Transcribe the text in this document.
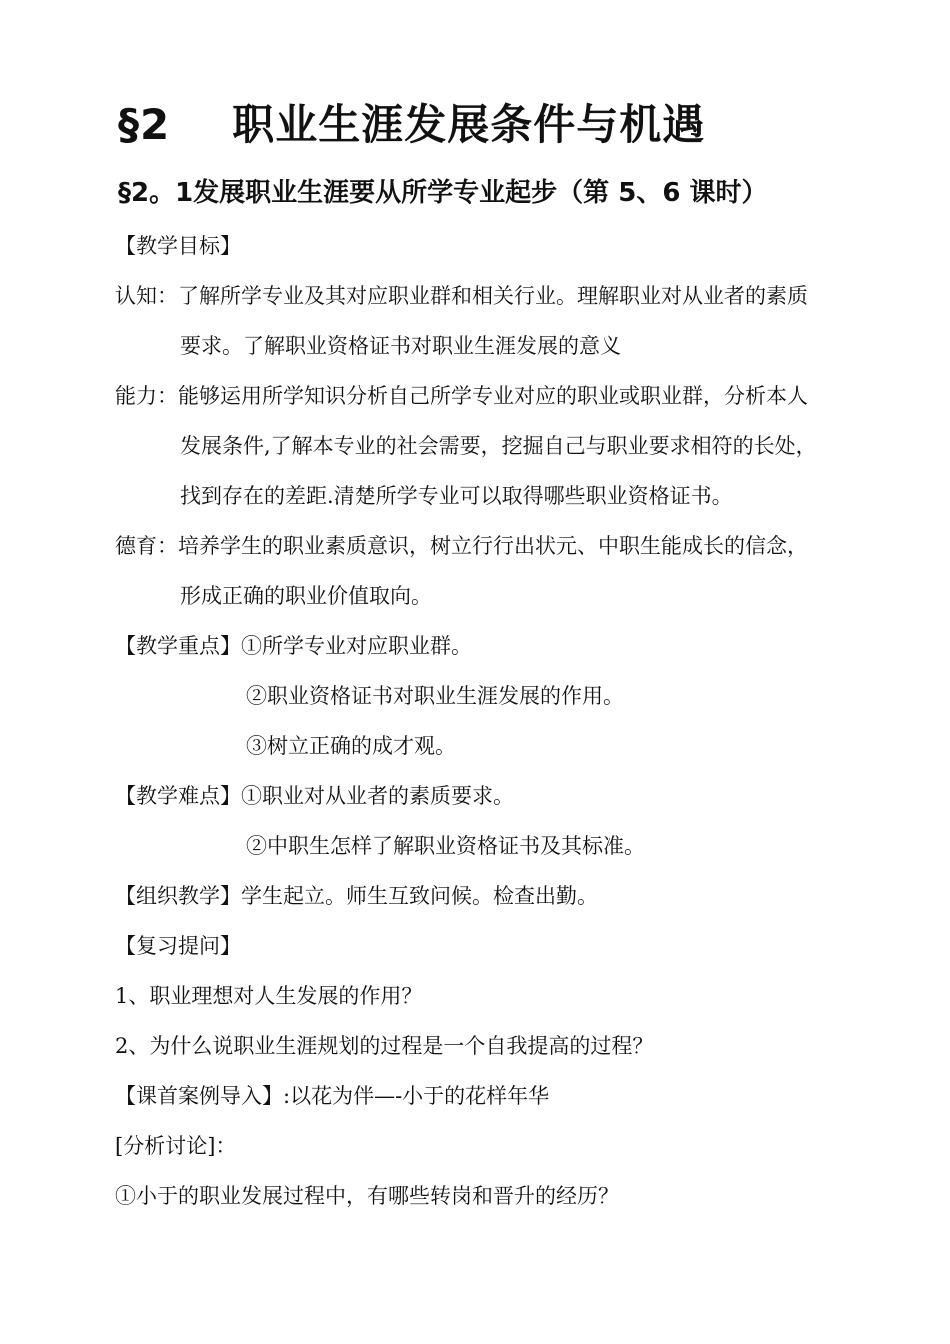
§2 职业生涯发展条件与机遇
§2。1发展职业生涯要从所学专业起步（第 5、6 课时）
【教学目标】
认知：了解所学专业及其对应职业群和相关行业。理解职业对从业者的素质
要求。了解职业资格证书对职业生涯发展的意义
能力：能够运用所学知识分析自己所学专业对应的职业或职业群，分析本人
发展条件,了解本专业的社会需要，挖掘自己与职业要求相符的长处，
找到存在的差距.清楚所学专业可以取得哪些职业资格证书。
德育：培养学生的职业素质意识，树立行行出状元、中职生能成长的信念，
形成正确的职业价值取向。
【教学重点】①所学专业对应职业群。
②职业资格证书对职业生涯发展的作用。
③树立正确的成才观。
【教学难点】①职业对从业者的素质要求。
②中职生怎样了解职业资格证书及其标准。
【组织教学】学生起立。师生互致问候。检查出勤。
【复习提问】
1、职业理想对人生发展的作用？
2、为什么说职业生涯规划的过程是一个自我提高的过程？
【课首案例导入】:以花为伴—-小于的花样年华
[分析讨论]：
①小于的职业发展过程中，有哪些转岗和晋升的经历？
